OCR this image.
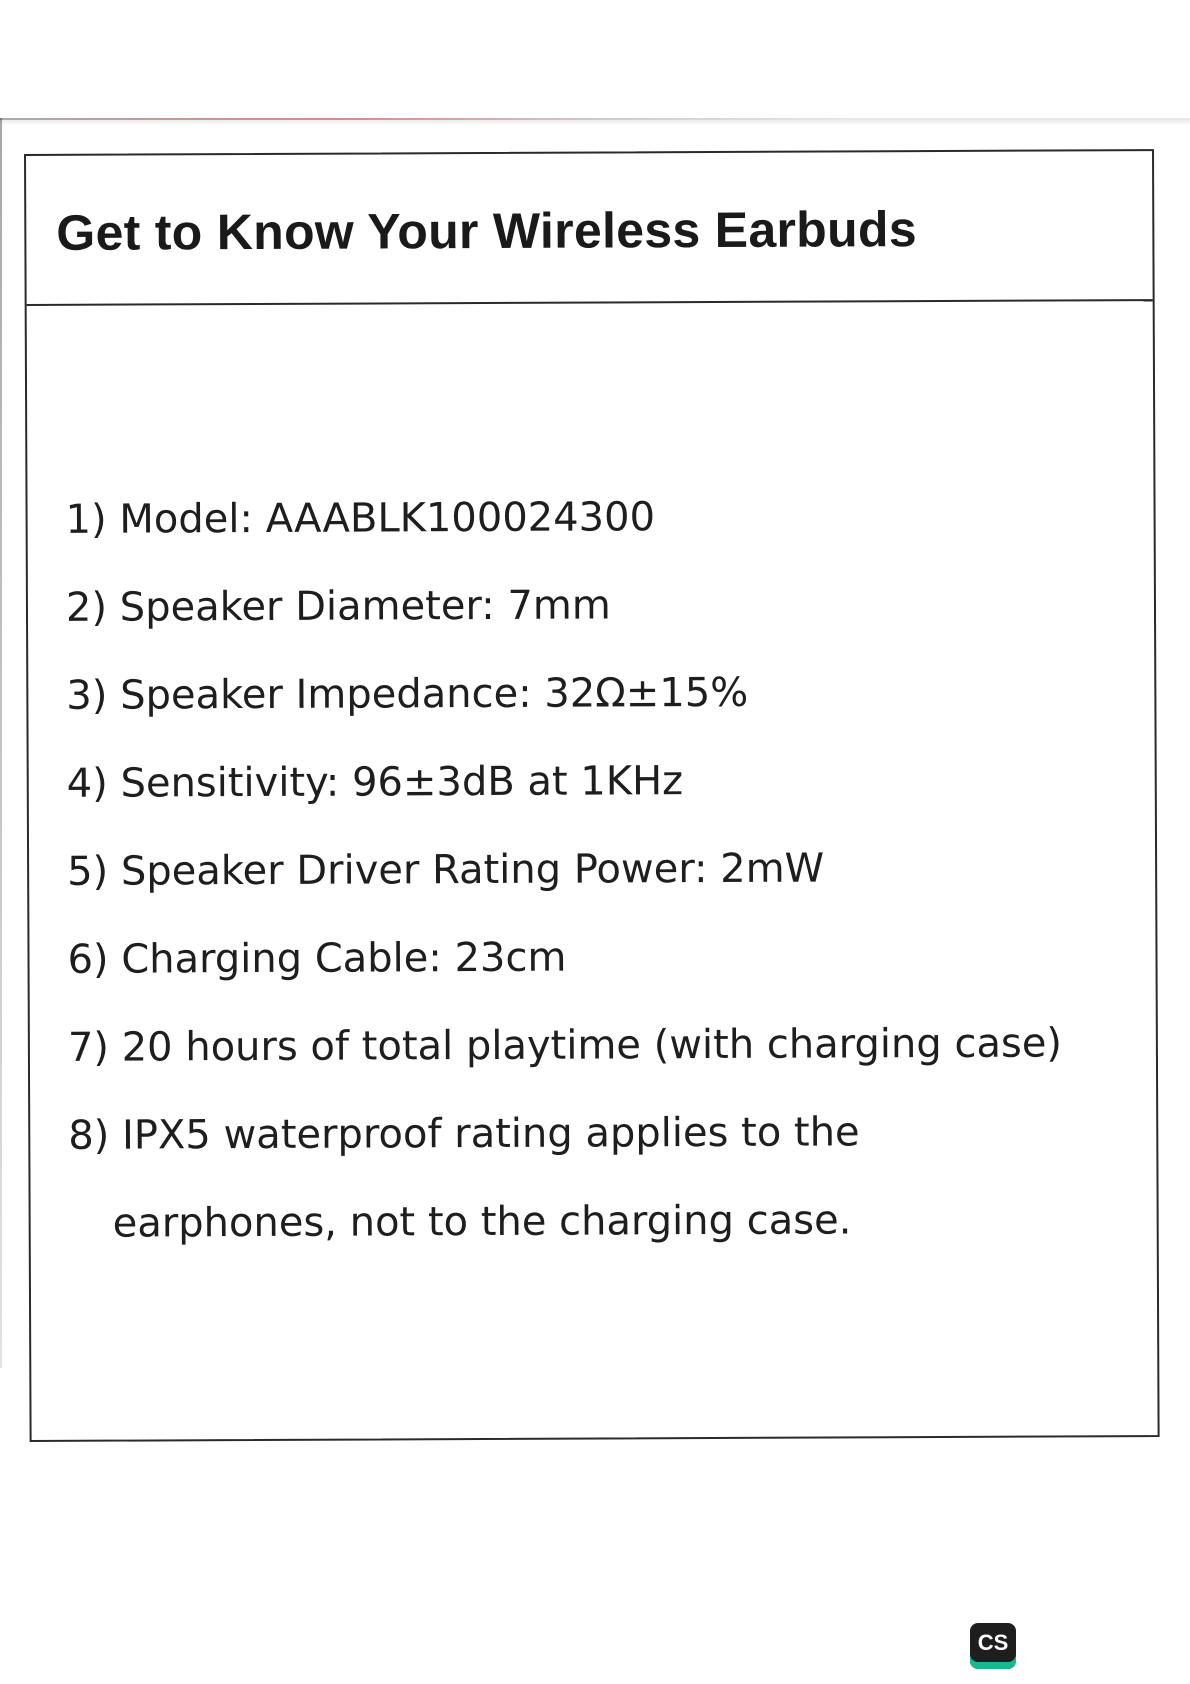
Get to Know Your Wireless Earbuds
1) Model: AAABLK100024300
2) Speaker Diameter: 7mm
3) Speaker Impedance: 32Ω±15%
4) Sensitivity: 96±3dB at 1KHz
5) Speaker Driver Rating Power: 2mW
6) Charging Cable: 23cm
7) 20 hours of total playtime (with charging case)
8) IPX5 waterproof rating applies to the
earphones, not to the charging case.
CS
